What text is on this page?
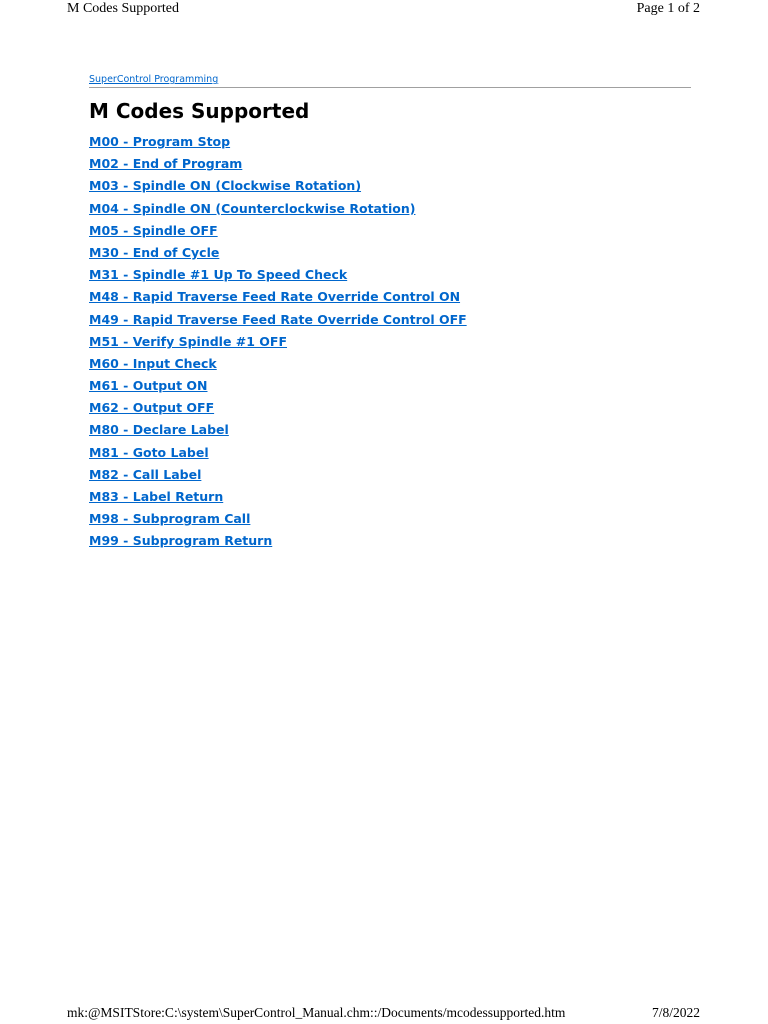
M Codes Supported	Page 1 of 2
SuperControl Programming
M Codes Supported
M00 - Program Stop
M02 - End of Program
M03 - Spindle ON (Clockwise Rotation)
M04 - Spindle ON (Counterclockwise Rotation)
M05 - Spindle OFF
M30 - End of Cycle
M31 - Spindle #1 Up To Speed Check
M48 - Rapid Traverse Feed Rate Override Control ON
M49 - Rapid Traverse Feed Rate Override Control OFF
M51 - Verify Spindle #1 OFF
M60 - Input Check
M61 - Output ON
M62 - Output OFF
M80 - Declare Label
M81 - Goto Label
M82 - Call Label
M83 - Label Return
M98 - Subprogram Call
M99 - Subprogram Return
mk:@MSITStore:C:\system\SuperControl_Manual.chm::/Documents/mcodessupported.htm	7/8/2022
